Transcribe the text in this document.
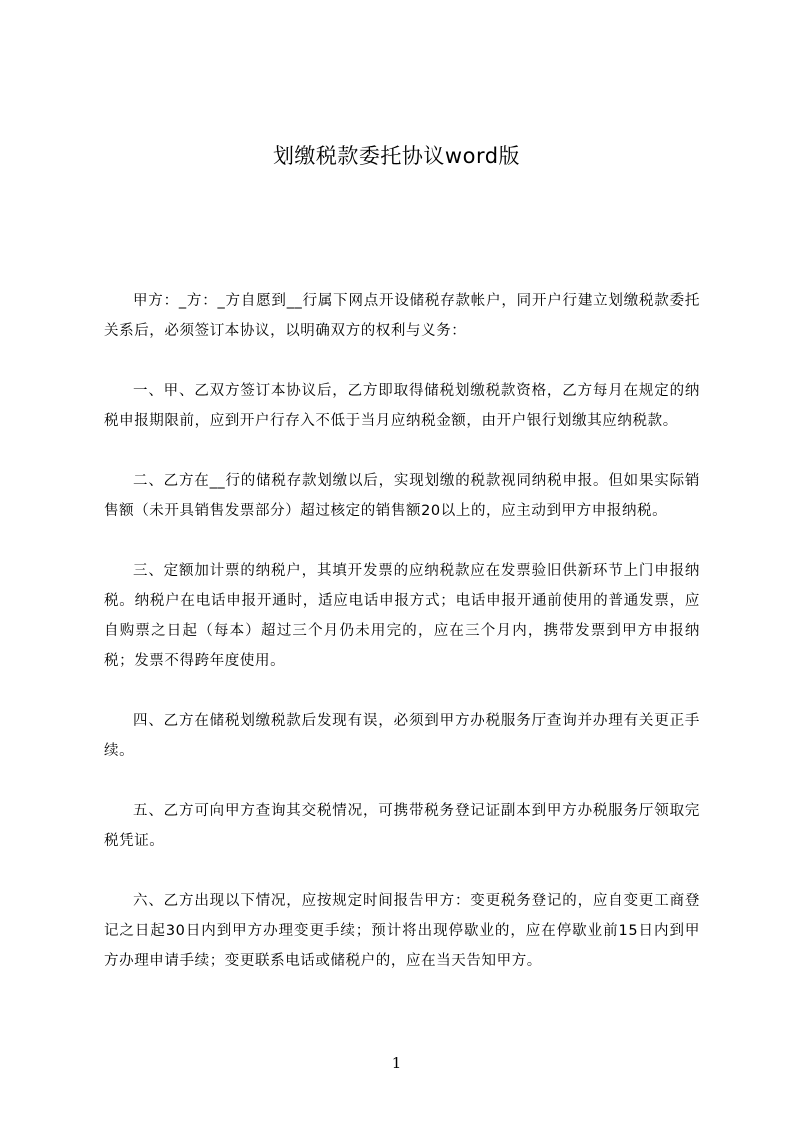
划缴税款委托协议word版

甲方：_方：_方自愿到__行属下网点开设储税存款帐户，同开户行建立划缴税款委托关系后，必须签订本协议，以明确双方的权利与义务：

一、甲、乙双方签订本协议后，乙方即取得储税划缴税款资格，乙方每月在规定的纳税申报期限前，应到开户行存入不低于当月应纳税金额，由开户银行划缴其应纳税款。

二、乙方在__行的储税存款划缴以后，实现划缴的税款视同纳税申报。但如果实际销售额（未开具销售发票部分）超过核定的销售额20以上的，应主动到甲方申报纳税。

三、定额加计票的纳税户，其填开发票的应纳税款应在发票验旧供新环节上门申报纳税。纳税户在电话申报开通时，适应电话申报方式；电话申报开通前使用的普通发票，应自购票之日起（每本）超过三个月仍未用完的，应在三个月内，携带发票到甲方申报纳税；发票不得跨年度使用。

四、乙方在储税划缴税款后发现有误，必须到甲方办税服务厅查询并办理有关更正手续。

五、乙方可向甲方查询其交税情况，可携带税务登记证副本到甲方办税服务厅领取完税凭证。

六、乙方出现以下情况，应按规定时间报告甲方：变更税务登记的，应自变更工商登记之日起30日内到甲方办理变更手续；预计将出现停歇业的，应在停歇业前15日内到甲方办理申请手续；变更联系电话或储税户的，应在当天告知甲方。

1
